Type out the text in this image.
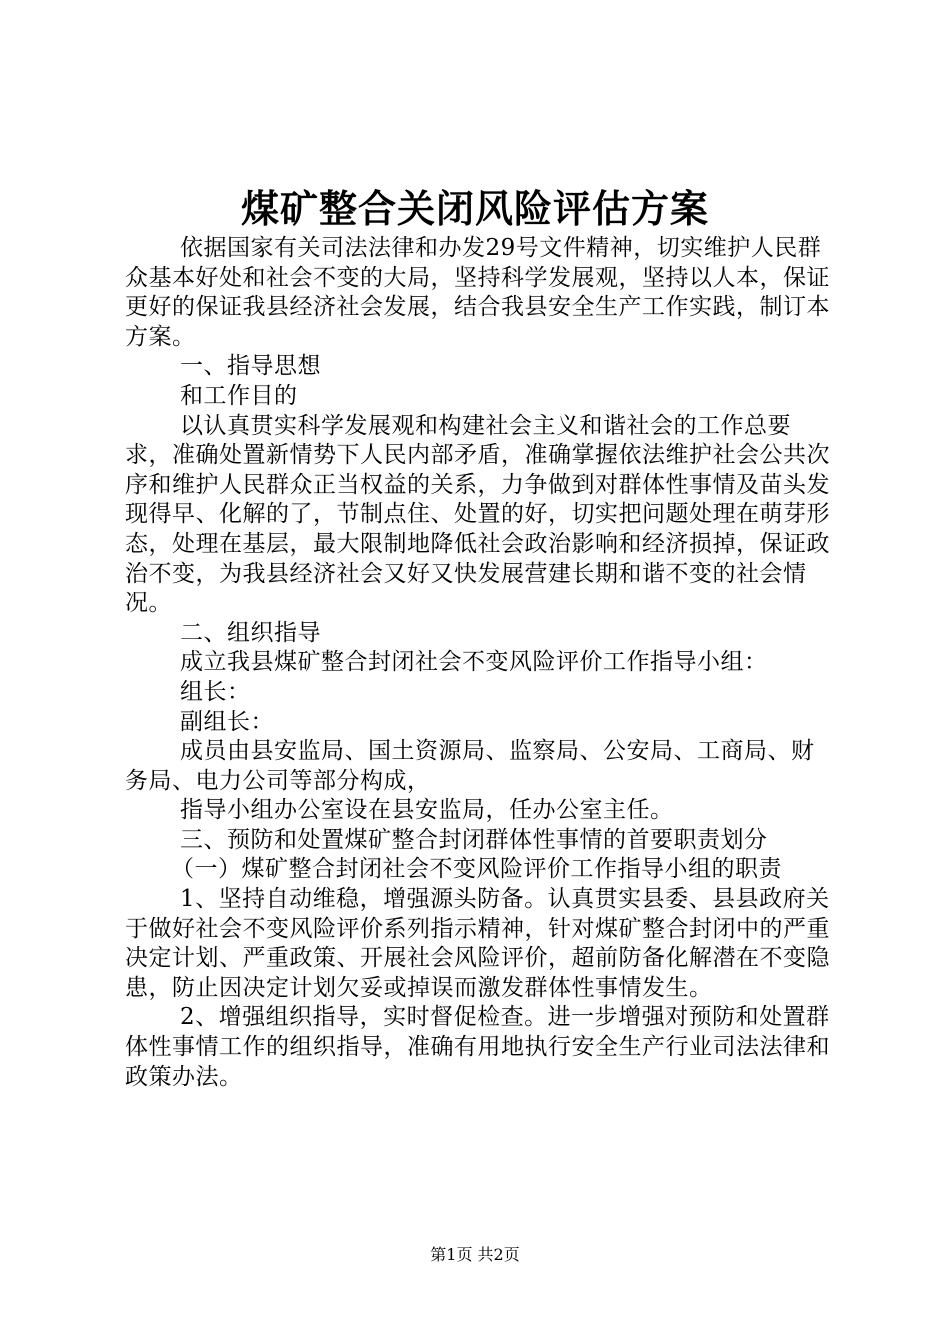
煤矿整合关闭风险评估方案

依据国家有关司法法律和办发29号文件精神，切实维护人民群众基本好处和社会不变的大局，坚持科学发展观，坚持以人本，保证更好的保证我县经济社会发展，结合我县安全生产工作实践，制订本方案。

一、指导思想

和工作目的

以认真贯实科学发展观和构建社会主义和谐社会的工作总要求，准确处置新情势下人民内部矛盾，准确掌握依法维护社会公共次序和维护人民群众正当权益的关系，力争做到对群体性事情及苗头发现得早、化解的了，节制点住、处置的好，切实把问题处理在萌芽形态，处理在基层，最大限制地降低社会政治影响和经济损掉，保证政治不变，为我县经济社会又好又快发展营建长期和谐不变的社会情况。

二、组织指导

成立我县煤矿整合封闭社会不变风险评价工作指导小组：

组长：

副组长：

成员由县安监局、国土资源局、监察局、公安局、工商局、财务局、电力公司等部分构成，

指导小组办公室设在县安监局，任办公室主任。

三、预防和处置煤矿整合封闭群体性事情的首要职责划分

（一）煤矿整合封闭社会不变风险评价工作指导小组的职责

1、坚持自动维稳，增强源头防备。认真贯实县委、县县政府关于做好社会不变风险评价系列指示精神，针对煤矿整合封闭中的严重决定计划、严重政策、开展社会风险评价，超前防备化解潜在不变隐患，防止因决定计划欠妥或掉误而激发群体性事情发生。

2、增强组织指导，实时督促检查。进一步增强对预防和处置群体性事情工作的组织指导，准确有用地执行安全生产行业司法法律和政策办法。

第1页 共2页
